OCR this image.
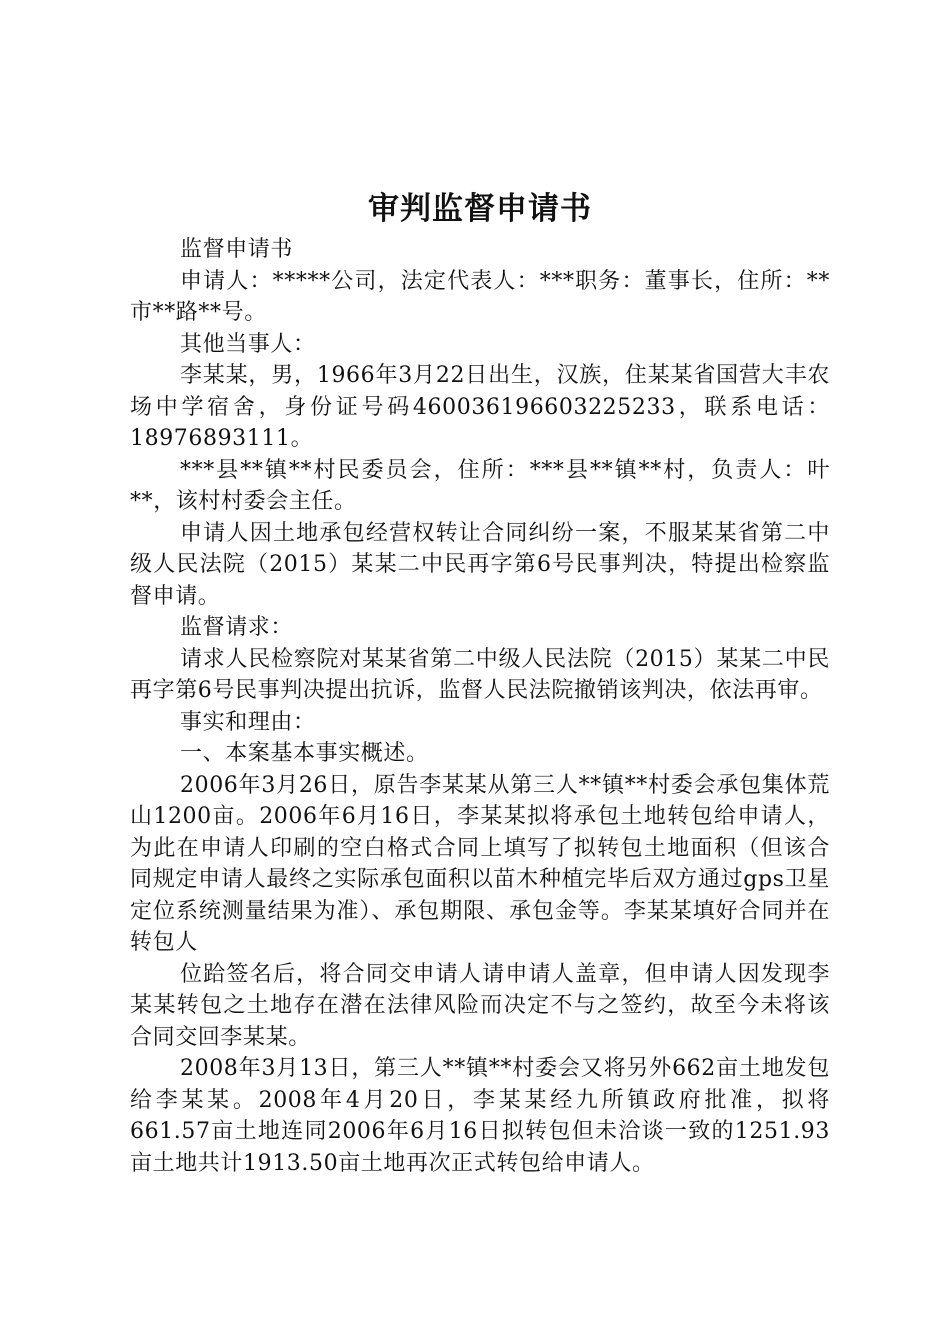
审判监督申请书

监督申请书

申请人：*****公司，法定代表人：***职务：董事长，住所：**市**路**号。

其他当事人：

李某某，男，1966年3月22日出生，汉族，住某某省国营大丰农场中学宿舍，身份证号码460036196603225233，联系电话：18976893111。

***县**镇**村民委员会，住所：***县**镇**村，负责人：叶**，该村村委会主任。

申请人因土地承包经营权转让合同纠纷一案，不服某某省第二中级人民法院（2015）某某二中民再字第6号民事判决，特提出检察监督申请。

监督请求：

请求人民检察院对某某省第二中级人民法院（2015）某某二中民再字第6号民事判决提出抗诉，监督人民法院撤销该判决，依法再审。

事实和理由：

一、本案基本事实概述。

2006年3月26日，原告李某某从第三人**镇**村委会承包集体荒山1200亩。2006年6月16日，李某某拟将承包土地转包给申请人，为此在申请人印刷的空白格式合同上填写了拟转包土地面积（但该合同规定申请人最终之实际承包面积以苗木种植完毕后双方通过gps卫星定位系统测量结果为准）、承包期限、承包金等。李某某填好合同并在转包人

位跲签名后，将合同交申请人请申请人盖章，但申请人因发现李某某转包之土地存在潜在法律风险而决定不与之签约，故至今未将该合同交回李某某。

2008年3月13日，第三人**镇**村委会又将另外662亩土地发包给李某某。2008年4月20日，李某某经九所镇政府批准，拟将661.57亩土地连同2006年6月16日拟转包但未洽谈一致的1251.93亩土地共计1913.50亩土地再次正式转包给申请人。
